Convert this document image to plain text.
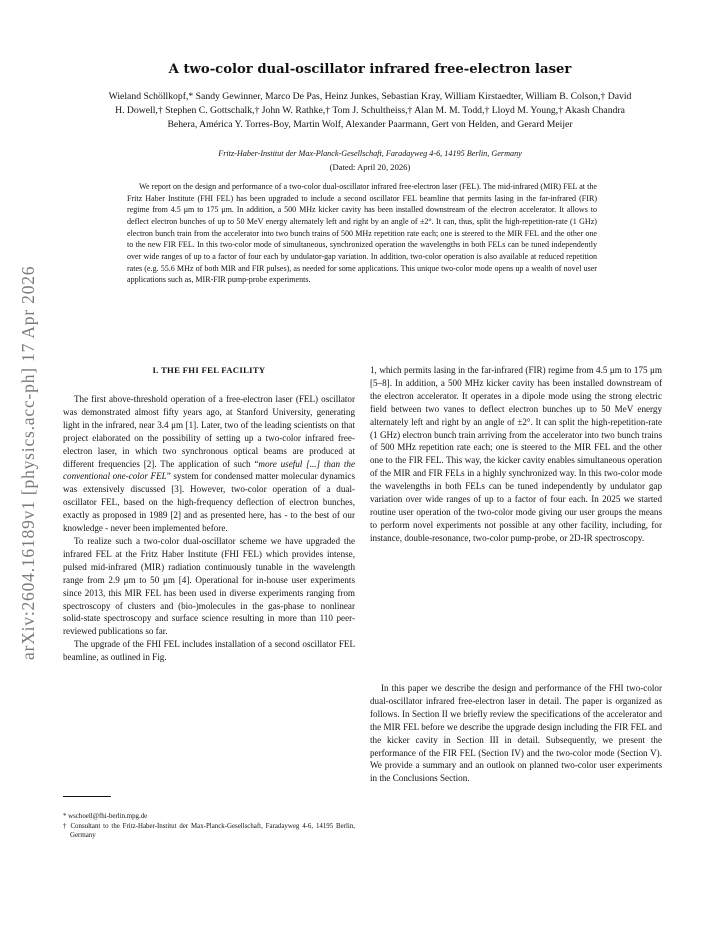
arXiv:2604.16189v1 [physics.acc-ph] 17 Apr 2026
A two-color dual-oscillator infrared free-electron laser
Wieland Schöllkopf,* Sandy Gewinner, Marco De Pas, Heinz Junkes, Sebastian Kray, William Kirstaedter, William B. Colson,† David H. Dowell,† Stephen C. Gottschalk,† John W. Rathke,† Tom J. Schultheiss,† Alan M. M. Todd,† Lloyd M. Young,† Akash Chandra Behera, América Y. Torres-Boy, Martin Wolf, Alexander Paarmann, Gert von Helden, and Gerard Meijer
Fritz-Haber-Institut der Max-Planck-Gesellschaft, Faradayweg 4-6, 14195 Berlin, Germany
(Dated: April 20, 2026)
We report on the design and performance of a two-color dual-oscillator infrared free-electron laser (FEL). The mid-infrared (MIR) FEL at the Fritz Haber Institute (FHI FEL) has been upgraded to include a second oscillator FEL beamline that permits lasing in the far-infrared (FIR) regime from 4.5 μm to 175 μm. In addition, a 500 MHz kicker cavity has been installed downstream of the electron accelerator. It allows to deflect electron bunches of up to 50 MeV energy alternately left and right by an angle of ±2°. It can, thus, split the high-repetition-rate (1 GHz) electron bunch train from the accelerator into two bunch trains of 500 MHz repetition rate each; one is steered to the MIR FEL and the other one to the new FIR FEL. In this two-color mode of simultaneous, synchronized operation the wavelengths in both FELs can be tuned independently over wide ranges of up to a factor of four each by undulator-gap variation. In addition, two-color operation is also available at reduced repetition rates (e.g. 55.6 MHz of both MIR and FIR pulses), as needed for some applications. This unique two-color mode opens up a wealth of novel user applications such as, MIR-FIR pump-probe experiments.
I. THE FHI FEL FACILITY

The first above-threshold operation of a free-electron laser (FEL) oscillator was demonstrated almost fifty years ago, at Stanford University, generating light in the infrared, near 3.4 μm [1]. Later, two of the leading scientists on that project elaborated on the possibility of setting up a two-color infrared free-electron laser, in which two synchronous optical beams are produced at different frequencies [2]. The application of such “more useful [...] than the conventional one-color FEL” system for condensed matter molecular dynamics was extensively discussed [3]. However, two-color operation of a dual-oscillator FEL, based on the high-frequency deflection of electron bunches, exactly as proposed in 1989 [2] and as presented here, has - to the best of our knowledge - never been implemented before.

To realize such a two-color dual-oscillator scheme we have upgraded the infrared FEL at the Fritz Haber Institute (FHI FEL) which provides intense, pulsed mid-infrared (MIR) radiation continuously tunable in the wavelength range from 2.9 μm to 50 μm [4]. Operational for in-house user experiments since 2013, this MIR FEL has been used in diverse experiments ranging from spectroscopy of clusters and (bio-)molecules in the gas-phase to nonlinear solid-state spectroscopy and surface science resulting in more than 110 peer-reviewed publications so far.

The upgrade of the FHI FEL includes installation of a second oscillator FEL beamline, as outlined in Fig.

1, which permits lasing in the far-infrared (FIR) regime from 4.5 μm to 175 μm [5–8]. In addition, a 500 MHz kicker cavity has been installed downstream of the electron accelerator. It operates in a dipole mode using the strong electric field between two vanes to deflect electron bunches up to 50 MeV energy alternately left and right by an angle of ±2°. It can split the high-repetition-rate (1 GHz) electron bunch train arriving from the accelerator into two bunch trains of 500 MHz repetition rate each; one is steered to the MIR FEL and the other one to the FIR FEL. This way, the kicker cavity enables simultaneous operation of the MIR and FIR FELs in a highly synchronized way. In this two-color mode the wavelengths in both FELs can be tuned independently by undulator gap variation over wide ranges of up to a factor of four each. In 2025 we started routine user operation of the two-color mode giving our user groups the means to perform novel experiments not possible at any other facility, including, for instance, double-resonance, two-color pump-probe, or 2D-IR spectroscopy.

In this paper we describe the design and performance of the FHI two-color dual-oscillator infrared free-electron laser in detail. The paper is organized as follows. In Section II we briefly review the specifications of the accelerator and the MIR FEL before we describe the upgrade design including the FIR FEL and the kicker cavity in Section III in detail. Subsequently, we present the performance of the FIR FEL (Section IV) and the two-color mode (Section V). We provide a summary and an outlook on planned two-color user experiments in the Conclusions Section.

* wschoell@fhi-berlin.mpg.de

† Consultant to the Fritz-Haber-Institut der Max-Planck-Gesellschaft, Faradayweg 4-6, 14195 Berlin, Germany
